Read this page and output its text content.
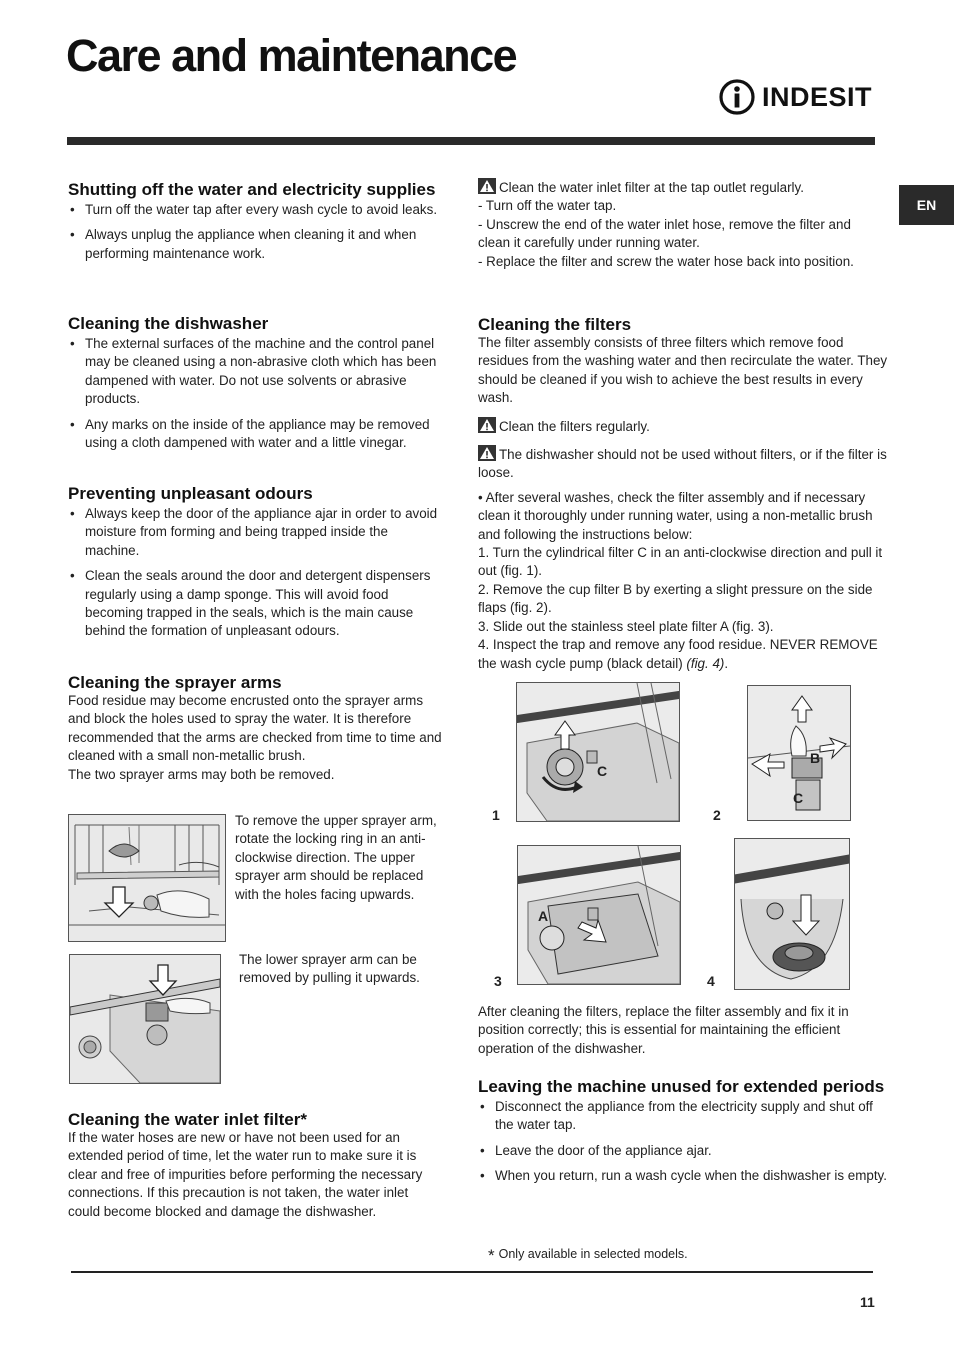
Care and maintenance
INDESIT
EN
Shutting off the water and electricity supplies
• Turn off the water tap after every wash cycle to avoid leaks.
• Always unplug the appliance when cleaning it and when performing maintenance work.
Cleaning the dishwasher
• The external surfaces of the machine and the control panel may be cleaned using a non-abrasive cloth which has been dampened with water. Do not use solvents or abrasive products.
• Any marks on the inside of the appliance may be removed using a cloth dampened with water and a little vinegar.
Preventing unpleasant odours
• Always keep the door of the appliance ajar in order to avoid moisture from forming and being trapped inside the machine.
• Clean the seals around the door and detergent dispensers regularly using a damp sponge. This will avoid food becoming trapped in the seals, which is the main cause behind the formation of unpleasant odours.
Cleaning the sprayer arms

Food residue may become encrusted onto the sprayer arms and block the holes used to spray the water. It is therefore recommended that the arms are checked from time to time and cleaned with a small non-metallic brush.

The two sprayer arms may both be removed.

To remove the upper sprayer arm, rotate the locking ring in an anti-clockwise direction. The upper sprayer arm should be replaced with the holes facing upwards.
The lower sprayer arm can be removed by pulling it upwards.
Cleaning the water inlet filter*

If the water hoses are new or have not been used for an extended period of time, let the water run to make sure it is clear and free of impurities before performing the necessary connections. If this precaution is not taken, the water inlet could become blocked and damage the dishwasher.

Clean the water inlet filter at the tap outlet regularly.

- Turn off the water tap.

- Unscrew the end of the water inlet hose, remove the filter and clean it carefully under running water.

- Replace the filter and screw the water hose back into position.

Cleaning the filters

The filter assembly consists of three filters which remove food residues from the washing water and then recirculate the water. They should be cleaned if you wish to achieve the best results in every wash.

Clean the filters regularly.

The dishwasher should not be used without filters, or if the filter is loose.

• After several washes, check the filter assembly and if necessary clean it thoroughly under running water, using a non-metallic brush and following the instructions below:

1. Turn the cylindrical filter C in an anti-clockwise direction and pull it out (fig. 1).

2. Remove the cup filter B by exerting a slight pressure on the side flaps (fig. 2).

3. Slide out the stainless steel plate filter A (fig. 3).

4. Inspect the trap and remove any food residue. NEVER REMOVE the wash cycle pump (black detail) (fig. 4).

C
1
B
C
2
A
3	4

After cleaning the filters, replace the filter assembly and fix it in position correctly; this is essential for maintaining the efficient operation of the dishwasher.

Leaving the machine unused for extended periods
• Disconnect the appliance from the electricity supply and shut off the water tap.
• Leave the door of the appliance ajar.
• When you return, run a wash cycle when the dishwasher is empty.
* Only available in selected models.
11
